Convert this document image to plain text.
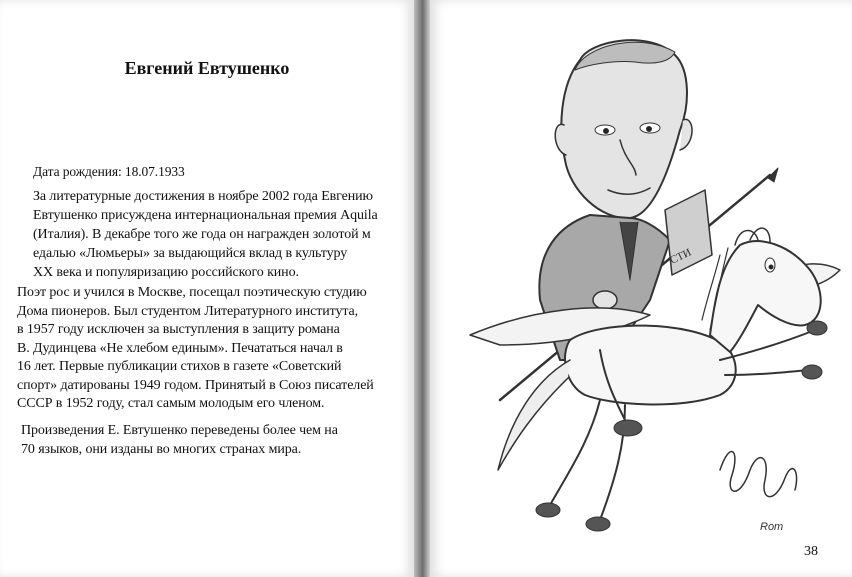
Евгений Евтушенко
Дата рождения: 18.07.1933
За литературные достижения в ноябре 2002 года Евгению
Евтушенко присуждена интернациональная премия Aquila
(Италия). В декабре того же года он награжден золотой м
едалью «Люмьеры» за выдающийся вклад в культуру
ХХ века и популяризацию российского кино.
Поэт рос и учился в Москве, посещал поэтическую студию
Дома пионеров. Был студентом Литературного института,
в 1957 году исключен за выступления в защиту романа
В. Дудинцева «Не хлебом единым». Печататься начал в
16 лет. Первые публикации стихов в газете «Советский
спорт» датированы 1949 годом. Принятый в Союз писателей
СССР в 1952 году, стал самым молодым его членом.
Произведения Е. Евтушенко переведены более чем на
70 языков, они изданы во многих странах мира.
38
СТИ
Rom
